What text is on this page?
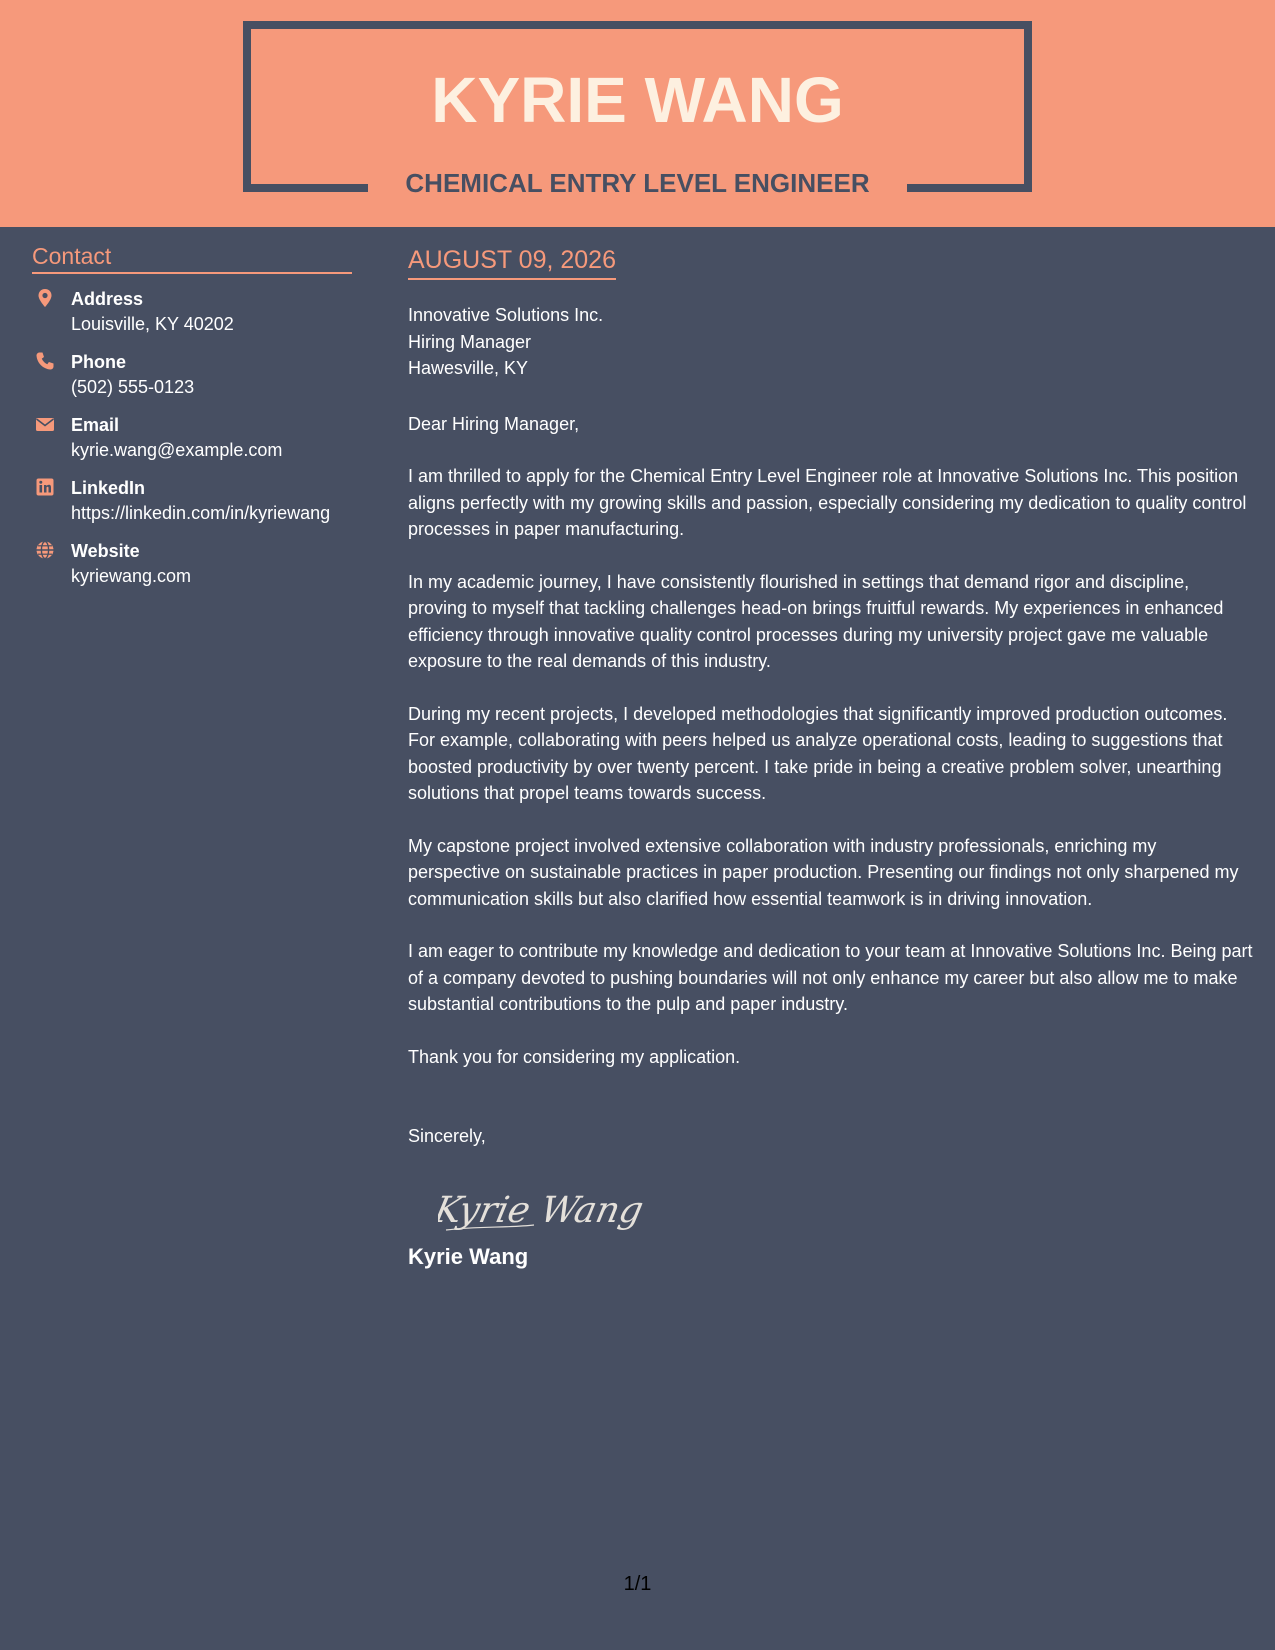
KYRIE WANG
CHEMICAL ENTRY LEVEL ENGINEER
Contact
Address
Louisville, KY 40202
Phone
(502) 555-0123
Email
kyrie.wang@example.com
LinkedIn
https://linkedin.com/in/kyriewang
Website
kyriewang.com
AUGUST 09, 2026
Innovative Solutions Inc.
Hiring Manager
Hawesville, KY
Dear Hiring Manager,
I am thrilled to apply for the Chemical Entry Level Engineer role at Innovative Solutions Inc. This position aligns perfectly with my growing skills and passion, especially considering my dedication to quality control processes in paper manufacturing.
In my academic journey, I have consistently flourished in settings that demand rigor and discipline, proving to myself that tackling challenges head-on brings fruitful rewards. My experiences in enhanced efficiency through innovative quality control processes during my university project gave me valuable exposure to the real demands of this industry.
During my recent projects, I developed methodologies that significantly improved production outcomes. For example, collaborating with peers helped us analyze operational costs, leading to suggestions that boosted productivity by over twenty percent. I take pride in being a creative problem solver, unearthing solutions that propel teams towards success.
My capstone project involved extensive collaboration with industry professionals, enriching my perspective on sustainable practices in paper production. Presenting our findings not only sharpened my communication skills but also clarified how essential teamwork is in driving innovation.
I am eager to contribute my knowledge and dedication to your team at Innovative Solutions Inc. Being part of a company devoted to pushing boundaries will not only enhance my career but also allow me to make substantial contributions to the pulp and paper industry.
Thank you for considering my application.
Sincerely,
Kyrie Wang
Kyrie Wang
1/1
